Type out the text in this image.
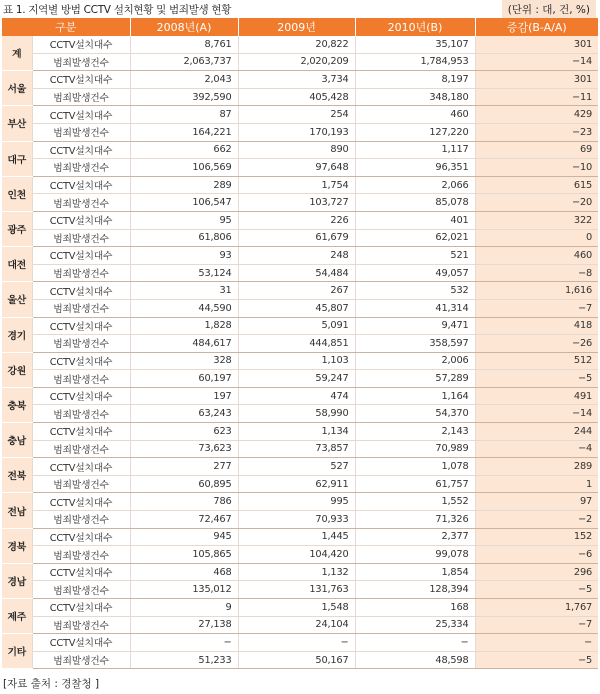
표 1. 지역별 방범 CCTV 설치현황 및 범죄발생 현황	(단위 : 대, 건, %)
구분		2008년(A)	2009년	2010년(B)	증감(B-A/A)
계	CCTV설치대수	8,761	20,822	35,107	301
	범죄발생건수	2,063,737	2,020,209	1,784,953	−14
서울	CCTV설치대수	2,043	3,734	8,197	301
	범죄발생건수	392,590	405,428	348,180	−11
부산	CCTV설치대수	87	254	460	429
	범죄발생건수	164,221	170,193	127,220	−23
대구	CCTV설치대수	662	890	1,117	69
	범죄발생건수	106,569	97,648	96,351	−10
인천	CCTV설치대수	289	1,754	2,066	615
	범죄발생건수	106,547	103,727	85,078	−20
광주	CCTV설치대수	95	226	401	322
	범죄발생건수	61,806	61,679	62,021	0
대전	CCTV설치대수	93	248	521	460
	범죄발생건수	53,124	54,484	49,057	−8
울산	CCTV설치대수	31	267	532	1,616
	범죄발생건수	44,590	45,807	41,314	−7
경기	CCTV설치대수	1,828	5,091	9,471	418
	범죄발생건수	484,617	444,851	358,597	−26
강원	CCTV설치대수	328	1,103	2,006	512
	범죄발생건수	60,197	59,247	57,289	−5
충북	CCTV설치대수	197	474	1,164	491
	범죄발생건수	63,243	58,990	54,370	−14
충남	CCTV설치대수	623	1,134	2,143	244
	범죄발생건수	73,623	73,857	70,989	−4
전북	CCTV설치대수	277	527	1,078	289
	범죄발생건수	60,895	62,911	61,757	1
전남	CCTV설치대수	786	995	1,552	97
	범죄발생건수	72,467	70,933	71,326	−2
경북	CCTV설치대수	945	1,445	2,377	152
	범죄발생건수	105,865	104,420	99,078	−6
경남	CCTV설치대수	468	1,132	1,854	296
	범죄발생건수	135,012	131,763	128,394	−5
제주	CCTV설치대수	9	1,548	168	1,767
	범죄발생건수	27,138	24,104	25,334	−7
기타	CCTV설치대수	−	−	−	−
	범죄발생건수	51,233	50,167	48,598	−5
[자료 출처 : 경찰청 ]
